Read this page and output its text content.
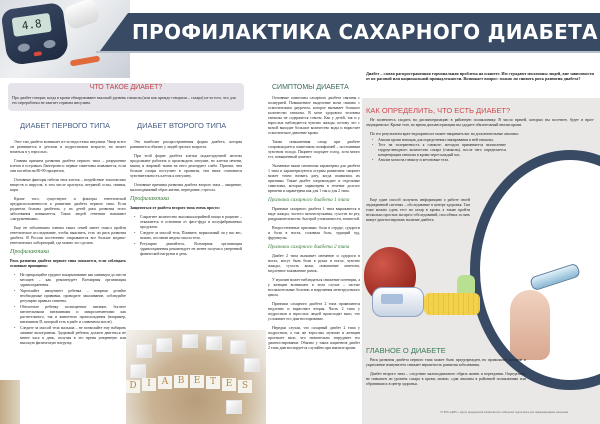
4.8	ПРОФИЛАКТИКА САХАРНОГО ДИАБЕТА
ЧТО ТАКОЕ ДИАБЕТ?
Про диабет говорят, когда в крови обнаруживают высокий уровень глюкозы (или как прежде говорили – сахара) из-за того, что для его переработки не хватает гормона инсулина.
ДИАБЕТ ПЕРВОГО ТИПА	ДИАБЕТ ВТОРОГО ТИПА

Этот тип диабета возникает из-за недостатка инсулина. Чаще всего он развивается в детском и подростковом возрасте, но может начаться и у взрослых.

Главная причина развития диабета первого типа – разрушение клеток в островках Лангерганса: первые симптомы появляются, если они погибли на 80-90 процентов.

Основные факторы гибели этих клеток – воздействие токсических веществ и вирусов, в том числе краснухи, ветряной оспы, свинки, кори.

Кроме того, существуют и факторы генетической предрасположенности к развитию диабета первого типа. Если родители больны диабетом, у их детей риск развития этого заболевания повышается. Таких людей генетики называют «загруженными».

Еще не заболевшим членам таких семей имеет смысл пройти генетическое исследование, чтобы выяснить, есть ли риск развития диабета. В России постепенно открываются все больше медико-генетических лабораторий, где можно это сделать.

Профилактика

Риск развития диабета первого типа снижается, если соблюдать основные принципы:

• Не прекращайте грудное вскармливание как минимум до шести месяцев – как рекомендует Всемирная организация здравоохранения.
• Укрепляйте иммунитет ребенка – вовремя делайте необходимые прививки, проводите закаливание, соблюдайте регулярно правила гигиены.
• Обеспечьте ребенку полноценное питание, богатое питательными витаминами и микроэлементами как растительного, так и животного происхождения (например, витамином D, который есть в рыбе и сливочном масле).
• Следите за массой тела малыша – не позволяйте ему набирать лишние килограммы. Здоровый ребенок должен двигаться не менее часа в день, получая в это время умеренную или высокую физическую нагрузку.

Это наиболее распространенная форма диабета, которая развивается обычно у людей зрелого возраста.

При этой форме диабета клетки поджелудочной железы продолжают работать и производить инсулин, но клетки печени, мышц и жировой ткани на него реагируют слабо. Причем, чем больше сахара поступает в организм, тем ниже становится чувствительность клеток к инсулину.

Основные причины развития диабета второго типа – ожирение, малоподвижный образ жизни, переедание, стрессы.

Профилактика

Защититься от диабета второго типа очень просто:

• Сократите количество высококалорийной пищи в рационе – откажитесь в основном от фаст-фуда и полуфабрикатных продуктов.
• Следите за массой тела. Помните, нормальный ли у вас вес, можно, посчитав индекс массы тела.
• Регулярно двигайтесь. Всемирная организация здравоохранения рекомендует не менее получаса умеренной физической нагрузки в день.
D	I	A	B	E	T	E	S
СИМПТОМЫ ДИАБЕТА

Основные симптомы сахарного диабета связаны с полиурией. Повышенное выделение мочи связано с осмотическим диуретом, которое вызывает большое количество глюкозы. В моче здорового человека глюкозы не содержится совсем. Как у детей, так и у взрослых наблюдается чувство жажды, потому что с мочой выходит большое количество воды и нарастает осмотическое давление крови.

Также повышенная сахар при диабете сопровождается симптомом полифагией – постоянным чувством голода. Пациент ощущает голод, хотя много ест, повышенный аппетит.

Указанные выше симптомы характерны для диабета 1 типа и характеризуются острым развитием: пациент может точно назвать дату, когда появились их признаки. Также диабет сопровождает и отдельные симптомы, которые характерны в течение долгого времени и характерны как для 1 так и для 2 типа.

Признаки сахарного диабета 1 типа

Признаки сахарного диабета 1 типа выражаются в виде жажды, частого мочеиспускания, сухости во рту, раздражительности, быстрой утомляемости, тошнотой.

Второстепенные признаки: боли в сердце, судороги и боли в ногах, головная боль, зудящий зуд, фурункулы.

Признаки сахарного диабета 2 типа

Диабет 2 типа вызывает онемение и судороги в ногах, могут быть боли в руках и ногах, чувство жажды, сухость кожи, повышение аппетита, медленное заживление ранок.

У мужчин может наблюдаться снижение потенции, а у женщин возникают в этом случае – частые воспалительные болезни и нарушения менструального цикла.

Признаки сахарного диабета 2 типа проявляются медленно и нарастают вторая. Часть 2 типа у подростков и взрослых людей происходят вяло, что усложняет его диагностирование.

Нередки случаи, что сахарный диабет 2 типа у подростков, а так же взрослых мужчин и женщин протекает вяло, что значительно затрудняет его диагностирование. Обычно у таких пациентов диабет 2 типа диагностируется случайно при анализе крови.

Диабет – самая распространенная гормональная проблема на планете. Им страдают миллионы людей, вне зависимости от их расовой или национальной принадлежности. Возникает вопрос: можно ли снизить риск развития диабета?
КАК ОПРЕДЕЛИТЬ, ЧТО ЕСТЬ ДИАБЕТ?

Не поленитесь сходить на диспансеризацию в районную поликлинику. В число врачей, которых вы посетите, будет и врач-эндокринолог. Кроме того, во время диспансеризации вы сдадите обязательный анализ крови.

По его результатам врач-эндокринолог может направить вас на дополнительные анализы:

• Анализ крови натощак для определения гликирования в ней глюкозы.
• Тест на толерантность к глюкозе: методом применяется вычисление гидроуглеводного количества сахара (глюкозы), после чего определяется концентрация глюкозы в крови через каждый час.
• Анализ мочи на глюкозу и кетоновые тела.

Еще один способ получить информацию о работе своей эндокринной системы – обследование в центре здоровья. Там тоже можно сдать тест на сахар в крови, а также пройти несколько простых экспресс-обследований, способных за пять минут диагностировать наличие диабета.

ГЛАВНОЕ О ДИАБЕТЕ

Риск развития диабета первого типа может быть предупрежден, но правильное питание и укрепление иммунитета снижает вероятность развития заболевания.

Диабет второго типа – следствие малоподвижного образа жизни и переедания. Определить, не повышен ли уровень сахара в крови, можно, сдав анализы в районной поликлинике или обратившись в центр здоровья.

© ГБУЗ «ЦМП» • Центр медицинской профилактики • Материал подготовлен для информирования населения
